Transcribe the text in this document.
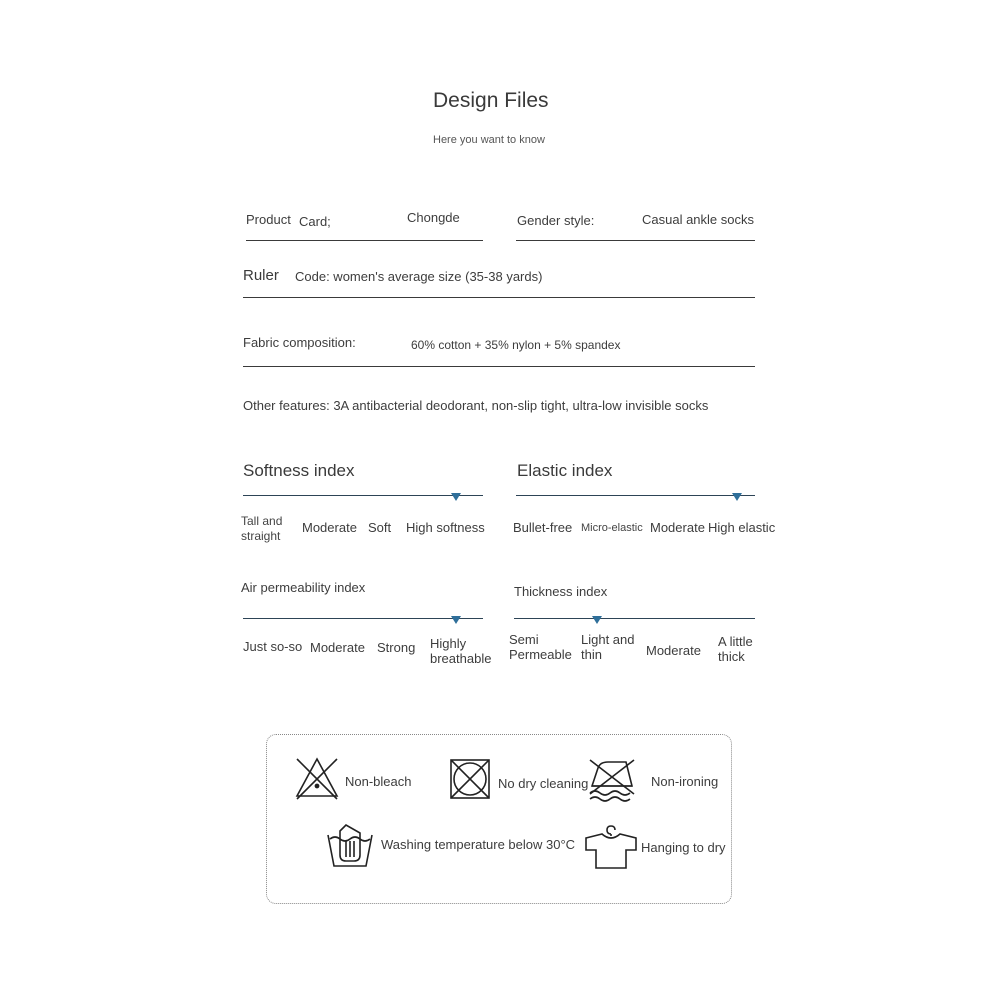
Design Files
Here you want to know
Product Card;	Chongde	Gender style:	Casual ankle socks
Ruler Code: women's average size (35-38 yards)
Fabric composition:	60% cotton + 35% nylon + 5% spandex
Other features: 3A antibacterial deodorant, non-slip tight, ultra-low invisible socks
Softness index
Tall and straight
Moderate Soft High softness
Elastic index
Bullet-free Micro-elastic Moderate High elastic
Air permeability index
Just so-so Moderate Strong Highly breathable
Thickness index
Semi Permeable
Light and thin	Moderate
A little thick
Non-bleach	No dry cleaning	Non-ironing
Washing temperature below 30°C	Hanging to dry
